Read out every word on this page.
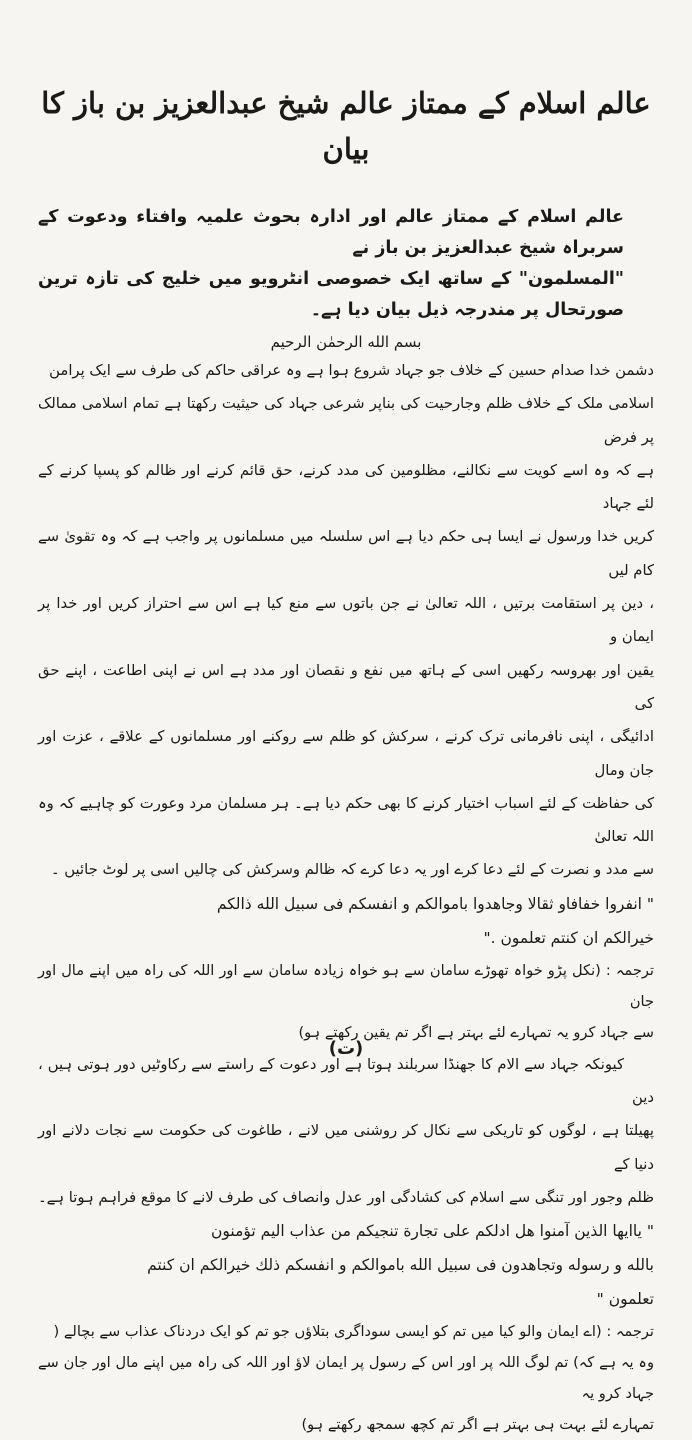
عالم اسلام کے ممتاز عالم شیخ عبدالعزیز بن باز کا بیان

عالم اسلام کے ممتاز عالم اور ادارہ بحوث علمیہ وافتاء ودعوت کے سربراہ شیخ عبدالعزیز بن باز نے

"المسلمون" کے ساتھ ایک خصوصی انٹرویو میں خلیج کی تازہ ترین صورتحال پر مندرجہ ذیل بیان دیا ہے۔

بسم الله الرحمٰن الرحيم

دشمن خدا صدام حسین کے خلاف جو جہاد شروع ہوا ہے وہ عراقی حاکم کی طرف سے ایک پرامن

اسلامی ملک کے خلاف ظلم وجارحیت کی بناپر شرعی جہاد کی حیثیت رکھتا ہے تمام اسلامی ممالک پر فرض

ہے کہ وہ اسے کویت سے نکالنے، مظلومین کی مدد کرنے، حق قائم کرنے اور ظالم کو پسپا کرنے کے لئے جہاد

کریں خدا ورسول نے ایسا ہی حکم دیا ہے اس سلسلہ میں مسلمانوں پر واجب ہے کہ وہ تقویٰ سے کام لیں

، دین پر استقامت برتیں ، اللہ تعالیٰ نے جن باتوں سے منع کیا ہے اس سے احتراز کریں اور خدا پر ایمان و

یقین اور بھروسہ رکھیں اسی کے ہاتھ میں نفع و نقصان اور مدد ہے اس نے اپنی اطاعت ، اپنے حق کی

ادائیگی ، اپنی نافرمانی ترک کرنے ، سرکش کو ظلم سے روکنے اور مسلمانوں کے علاقے ، عزت اور جان ومال

کی حفاظت کے لئے اسباب اختیار کرنے کا بھی حکم دیا ہے۔ ہر مسلمان مرد وعورت کو چاہیے کہ وہ اللہ تعالیٰ

سے مدد و نصرت کے لئے دعا کرے اور یہ دعا کرے کہ ظالم وسرکش کی چالیں اسی پر لوٹ جائیں ۔

" انفروا خفافاو ثقالا وجاهدوا باموالكم و انفسكم فى سبيل الله ذالكم

خيرالكم ان كنتم تعلمون ."

ترجمہ : (نکل پڑو خواہ تھوڑے سامان سے ہو خواہ زیادہ سامان سے اور اللہ کی راہ میں اپنے مال اور جان

سے جہاد کرو یہ تمہارے لئے بہتر ہے اگر تم یقین رکھتے ہو)

کیونکہ جہاد سے الام کا جھنڈا سربلند ہوتا ہے اور دعوت کے راستے سے رکاوٹیں دور ہوتی ہیں ، دین

پھیلتا ہے ، لوگوں کو تاریکی سے نکال کر روشنی میں لانے ، طاغوت کی حکومت سے نجات دلانے اور دنیا کے

ظلم وجور اور تنگی سے اسلام کی کشادگی اور عدل وانصاف کی طرف لانے کا موقع فراہم ہوتا ہے۔

" ياايها الذين آمنوا هل ادلكم على تجارة تنجيكم من عذاب اليم تؤمنون

بالله و رسوله وتجاهدون فى سبيل الله باموالكم و انفسكم ذلك خيرالكم ان كنتم

تعلمون "

ترجمہ : (اے ایمان والو کیا میں تم کو ایسی سوداگری بتلاؤں جو تم کو ایک دردناک عذاب سے بچالے (

وہ یہ ہے کہ) تم لوگ اللہ پر اور اس کے رسول پر ایمان لاؤ اور اللہ کی راہ میں اپنے مال اور جان سے جہاد کرو یہ

تمہارے لئے بہت ہی بہتر ہے اگر تم کچھ سمجھ رکھتے ہو)

(ت)
